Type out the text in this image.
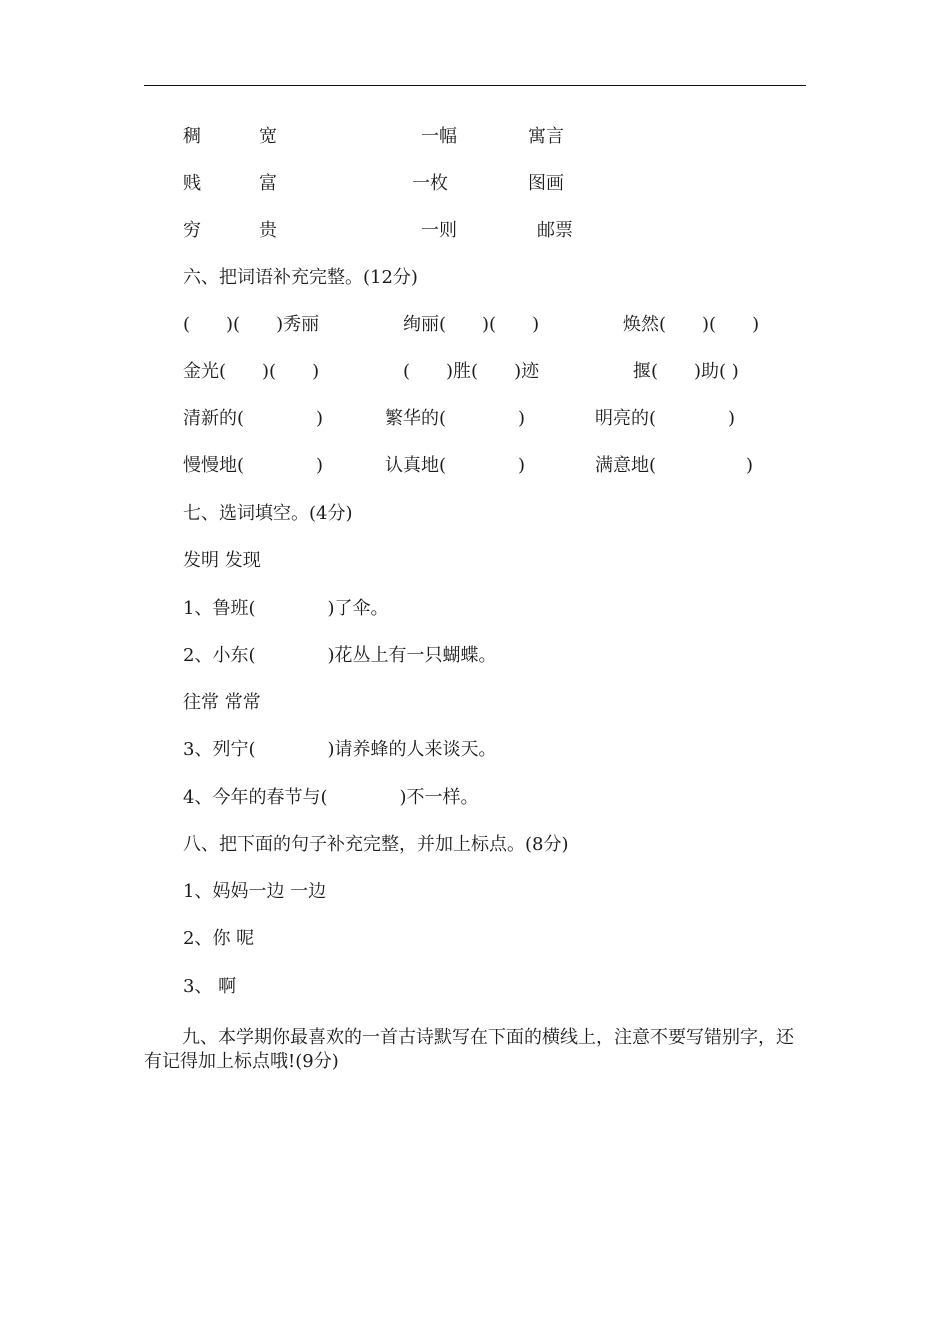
稠	宽	一幅	寓言
贱	富	一枚	图画
穷	贵	一则	邮票
六、把词语补充完整。(12分)
(　　)(　　)秀丽	绚丽(　　)(　　)	焕然(　　)(　　)
金光(　　)(　　)	(　　)胜(　　)迹	揠(　　)助( )
清新的(　　　　)	繁华的(　　　　)	明亮的(　　　　)
慢慢地(　　　　)	认真地(　　　　)	满意地(　　　　　)
七、选词填空。(4分)
发明 发现
1、鲁班(　　　　)了伞。
2、小东(　　　　)花丛上有一只蝴蝶。
往常 常常
3、列宁(　　　　)请养蜂的人来谈天。
4、今年的春节与(　　　　)不一样。
八、把下面的句子补充完整，并加上标点。(8分)
1、妈妈一边 一边
2、你 呢
3、 啊
九、本学期你最喜欢的一首古诗默写在下面的横线上，注意不要写错别字，还有记得加上标点哦!(9分)
